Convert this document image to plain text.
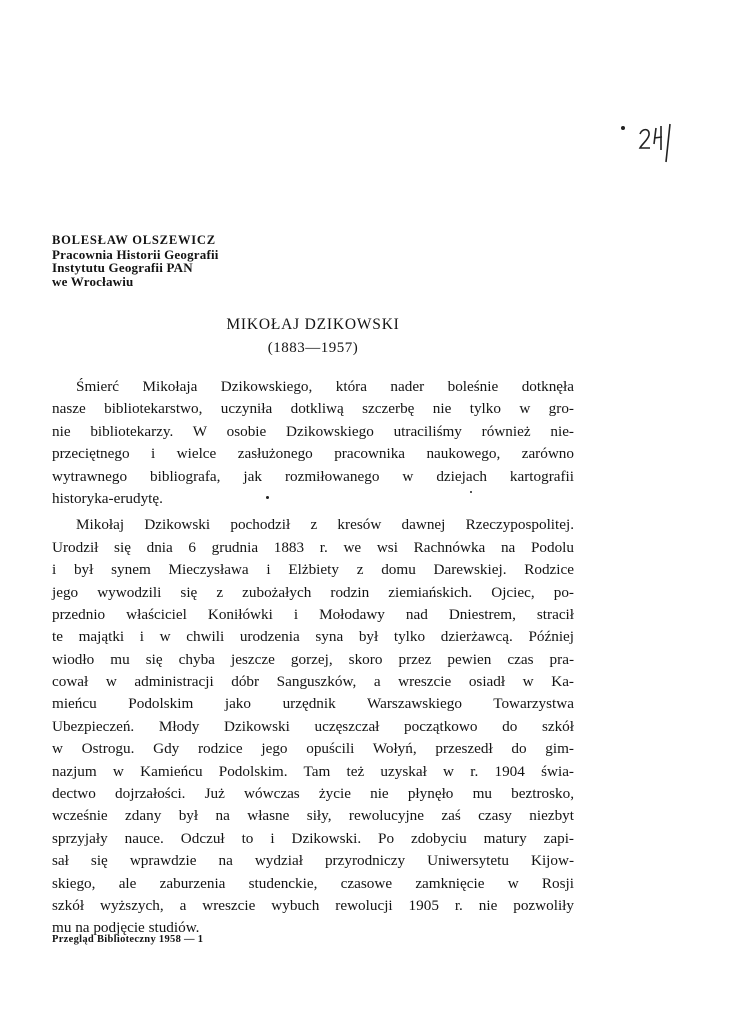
BOLESŁAW OLSZEWICZ
Pracownia Historii Geografii
Instytutu Geografii PAN
we Wrocławiu
MIKOŁAJ DZIKOWSKI
(1883—1957)
Śmierć Mikołaja Dzikowskiego, która nader boleśnie dotknęła
nasze bibliotekarstwo, uczyniła dotkliwą szczerbę nie tylko w gro-
nie bibliotekarzy. W osobie Dzikowskiego utraciliśmy również nie-
przeciętnego i wielce zasłużonego pracownika naukowego, zarówno
wytrawnego bibliografa, jak rozmiłowanego w dziejach kartografii
historyka-erudytę.
Mikołaj Dzikowski pochodził z kresów dawnej Rzeczypospolitej.
Urodził się dnia 6 grudnia 1883 r. we wsi Rachnówka na Podolu
i był synem Mieczysława i Elżbiety z domu Darewskiej. Rodzice
jego wywodzili się z zubożałych rodzin ziemiańskich. Ojciec, po-
przednio właściciel Koniłówki i Mołodawy nad Dniestrem, stracił
te majątki i w chwili urodzenia syna był tylko dzierżawcą. Później
wiodło mu się chyba jeszcze gorzej, skoro przez pewien czas pra-
cował w administracji dóbr Sanguszków, a wreszcie osiadł w Ka-
mieńcu Podolskim jako urzędnik Warszawskiego Towarzystwa
Ubezpieczeń. Młody Dzikowski uczęszczał początkowo do szkół
w Ostrogu. Gdy rodzice jego opuścili Wołyń, przeszedł do gim-
nazjum w Kamieńcu Podolskim. Tam też uzyskał w r. 1904 świa-
dectwo dojrzałości. Już wówczas życie nie płynęło mu beztrosko,
wcześnie zdany był na własne siły, rewolucyjne zaś czasy niezbyt
sprzyjały nauce. Odczuł to i Dzikowski. Po zdobyciu matury zapi-
sał się wprawdzie na wydział przyrodniczy Uniwersytetu Kijow-
skiego, ale zaburzenia studenckie, czasowe zamknięcie w Rosji
szkół wyższych, a wreszcie wybuch rewolucji 1905 r. nie pozwoliły
mu na podjęcie studiów.
Przegląd Biblioteczny 1958 — 1
